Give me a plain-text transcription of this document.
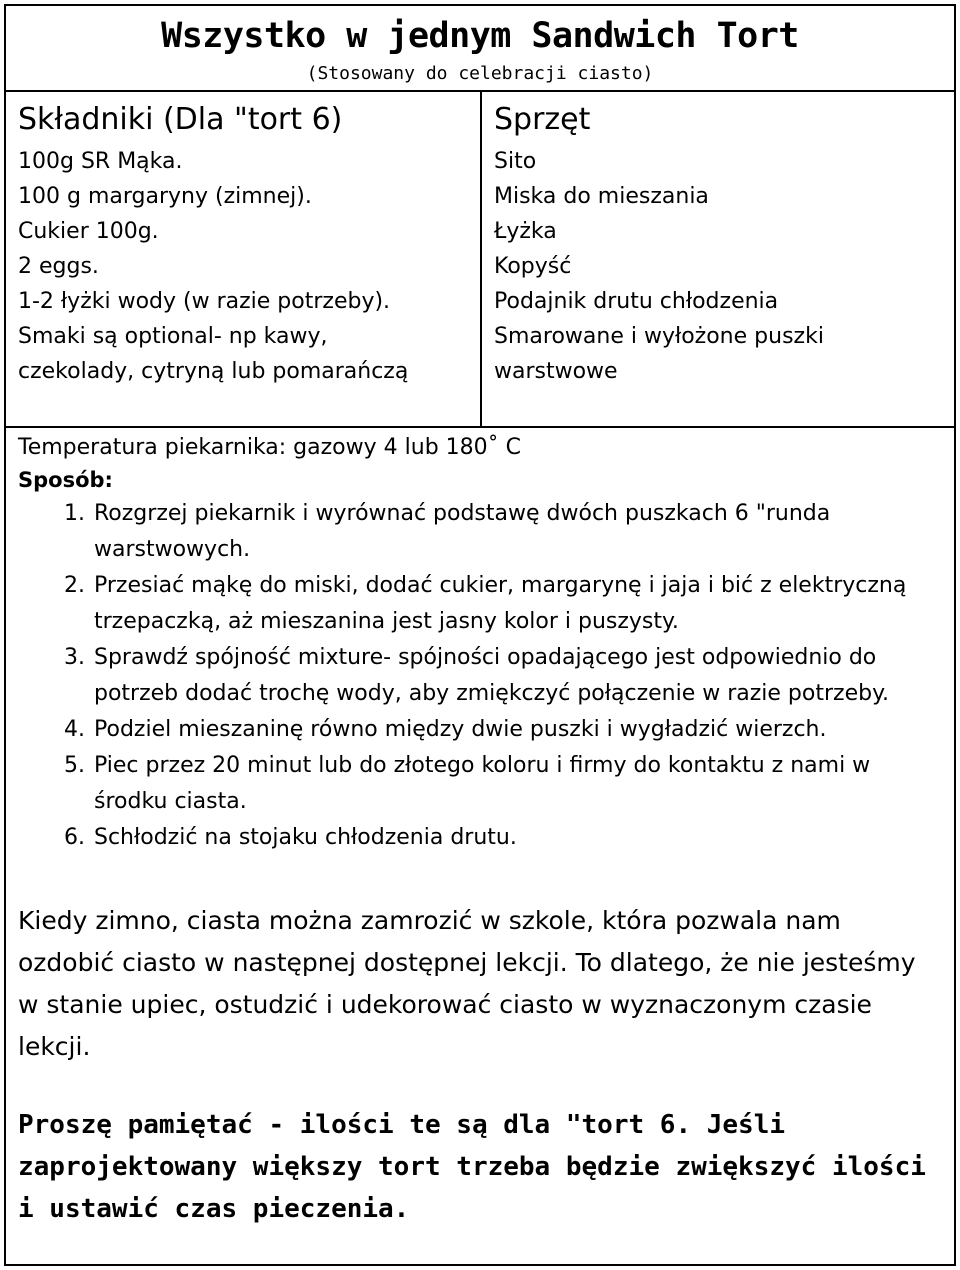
Wszystko w jednym Sandwich Tort
(Stosowany do celebracji ciasto)
Składniki (Dla "tort 6)
100g SR Mąka.
100 g margaryny (zimnej).
Cukier 100g.
2 eggs.
1-2 łyżki wody (w razie potrzeby).
Smaki są optional- np kawy,
czekolady, cytryną lub pomarańczą
Sprzęt
Sito
Miska do mieszania
Łyżka
Kopyść
Podajnik drutu chłodzenia
Smarowane i wyłożone puszki
warstwowe
Temperatura piekarnika: gazowy 4 lub 180˚ C
Sposób:
1. Rozgrzej piekarnik i wyrównać podstawę dwóch puszkach 6 "runda warstwowych.
2. Przesiać mąkę do miski, dodać cukier, margarynę i jaja i bić z elektryczną trzepaczką, aż mieszanina jest jasny kolor i puszysty.
3. Sprawdź spójność mixture- spójności opadającego jest odpowiednio do potrzeb dodać trochę wody, aby zmiękczyć połączenie w razie potrzeby.
4. Podziel mieszaninę równo między dwie puszki i wygładzić wierzch.
5. Piec przez 20 minut lub do złotego koloru i firmy do kontaktu z nami w środku ciasta.
6. Schłodzić na stojaku chłodzenia drutu.
Kiedy zimno, ciasta można zamrozić w szkole, która pozwala nam ozdobić ciasto w następnej dostępnej lekcji. To dlatego, że nie jesteśmy w stanie upiec, ostudzić i udekorować ciasto w wyznaczonym czasie lekcji.
Proszę pamiętać - ilości te są dla "tort 6. Jeśli zaprojektowany większy tort trzeba będzie zwiększyć ilości i ustawić czas pieczenia.
